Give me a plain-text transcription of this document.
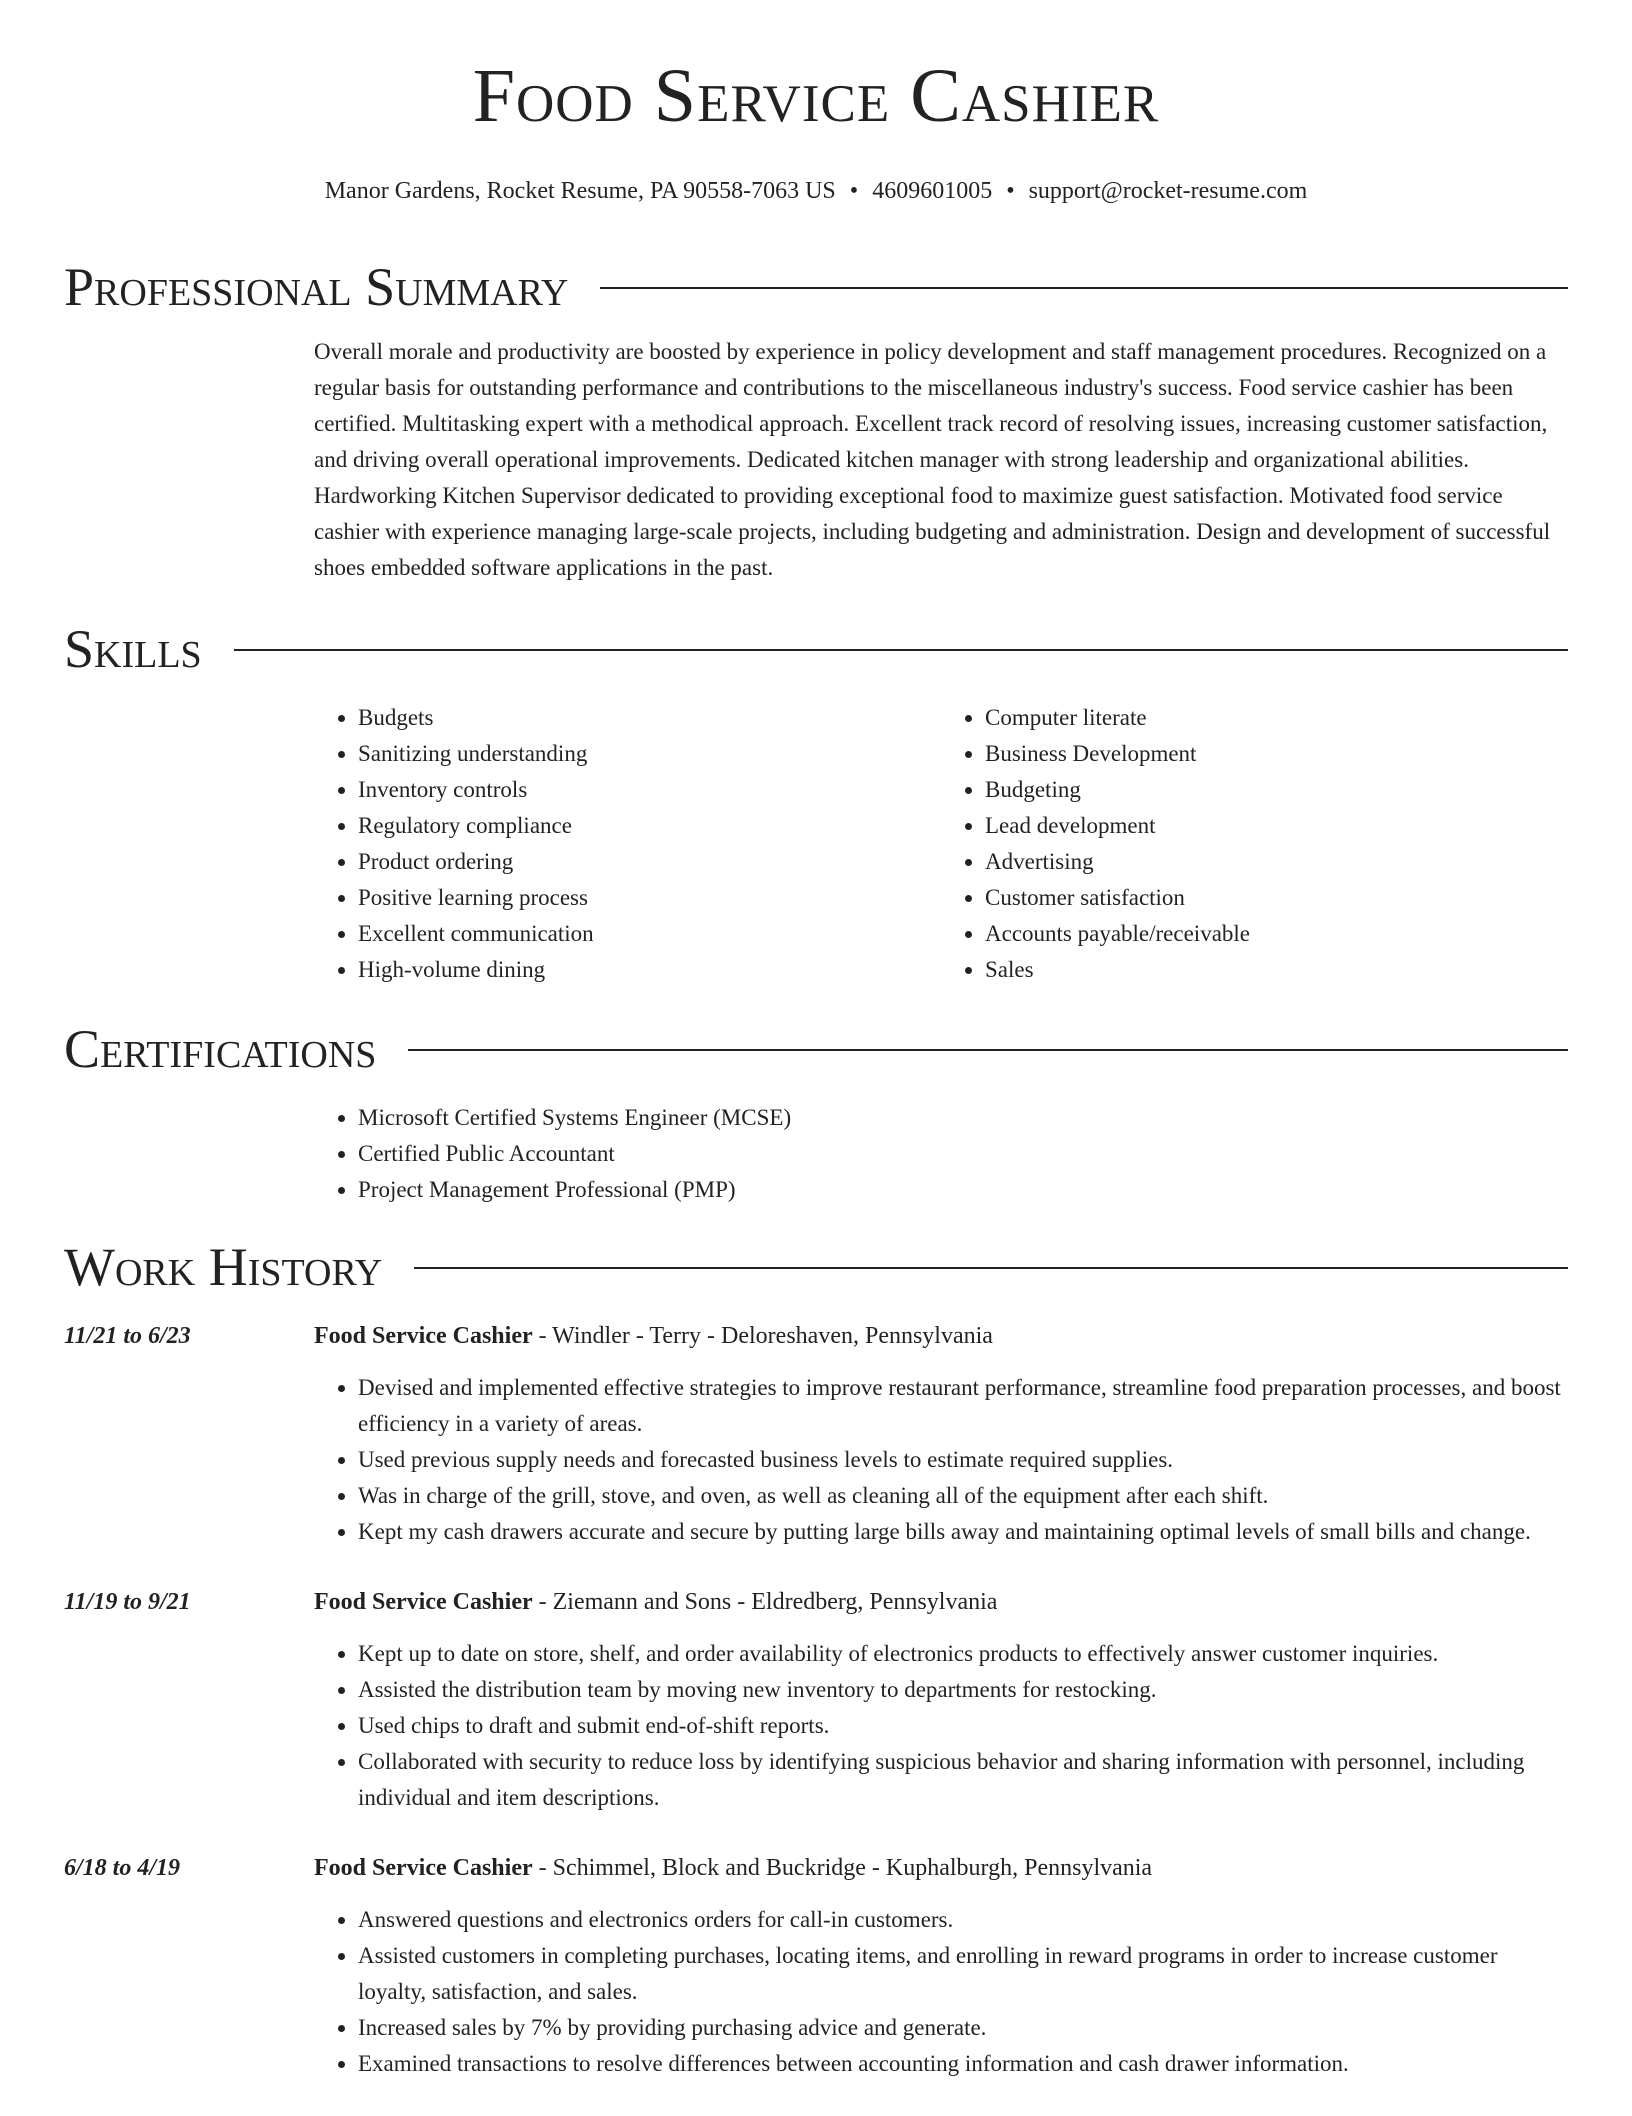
Food Service Cashier
Manor Gardens, Rocket Resume, PA 90558-7063 US • 4609601005 • support@rocket-resume.com
Professional Summary
Overall morale and productivity are boosted by experience in policy development and staff management procedures. Recognized on a regular basis for outstanding performance and contributions to the miscellaneous industry's success. Food service cashier has been certified. Multitasking expert with a methodical approach. Excellent track record of resolving issues, increasing customer satisfaction, and driving overall operational improvements. Dedicated kitchen manager with strong leadership and organizational abilities. Hardworking Kitchen Supervisor dedicated to providing exceptional food to maximize guest satisfaction. Motivated food service cashier with experience managing large-scale projects, including budgeting and administration. Design and development of successful shoes embedded software applications in the past.
Skills
• Budgets
• Sanitizing understanding
• Inventory controls
• Regulatory compliance
• Product ordering
• Positive learning process
• Excellent communication
• High-volume dining
• Computer literate
• Business Development
• Budgeting
• Lead development
• Advertising
• Customer satisfaction
• Accounts payable/receivable
• Sales
Certifications
• Microsoft Certified Systems Engineer (MCSE)
• Certified Public Accountant
• Project Management Professional (PMP)
Work History
11/21 to 6/23	Food Service Cashier - Windler - Terry - Deloreshaven, Pennsylvania
• Devised and implemented effective strategies to improve restaurant performance, streamline food preparation processes, and boost efficiency in a variety of areas.
• Used previous supply needs and forecasted business levels to estimate required supplies.
• Was in charge of the grill, stove, and oven, as well as cleaning all of the equipment after each shift.
• Kept my cash drawers accurate and secure by putting large bills away and maintaining optimal levels of small bills and change.
11/19 to 9/21	Food Service Cashier - Ziemann and Sons - Eldredberg, Pennsylvania
• Kept up to date on store, shelf, and order availability of electronics products to effectively answer customer inquiries.
• Assisted the distribution team by moving new inventory to departments for restocking.
• Used chips to draft and submit end-of-shift reports.
• Collaborated with security to reduce loss by identifying suspicious behavior and sharing information with personnel, including individual and item descriptions.
6/18 to 4/19	Food Service Cashier - Schimmel, Block and Buckridge - Kuphalburgh, Pennsylvania
• Answered questions and electronics orders for call-in customers.
• Assisted customers in completing purchases, locating items, and enrolling in reward programs in order to increase customer loyalty, satisfaction, and sales.
• Increased sales by 7% by providing purchasing advice and generate.
• Examined transactions to resolve differences between accounting information and cash drawer information.
